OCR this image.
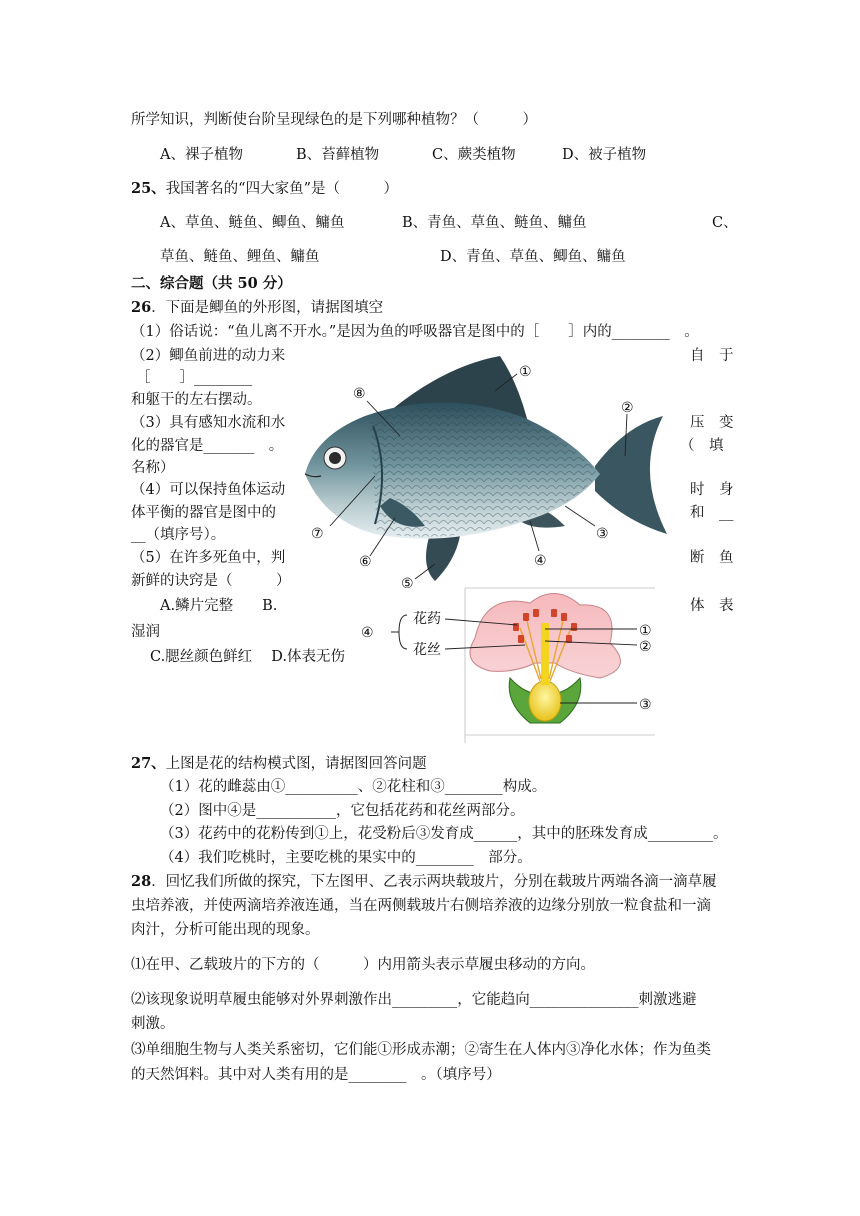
所学知识，判断使台阶呈现绿色的是下列哪种植物？（　　　）
A、裸子植物	B、苔藓植物	C、蕨类植物	D、被子植物
25、我国著名的“四大家鱼”是（　　　）
A、草鱼、鲢鱼、鲫鱼、鳙鱼	B、青鱼、草鱼、鲢鱼、鳙鱼	C、
草鱼、鲢鱼、鲤鱼、鳙鱼	D、青鱼、草鱼、鲫鱼、鳙鱼
二、综合题（共 50 分）
26．下面是鲫鱼的外形图，请据图填空
（1）俗话说：“鱼儿离不开水。”是因为鱼的呼吸器官是图中的［　　］内的________　。
（2）鲫鱼前进的动力来	自　于
［　　］________
和躯干的左右摆动。
（3）具有感知水流和水	压　变
化的器官是_______　。	（　填
名称）
（4）可以保持鱼体运动	时　身
体平衡的器官是图中的	和　__
__（填序号）。
（5）在许多死鱼中，判	断　鱼
新鲜的诀窍是（　　　）
A.鳞片完整　　B.	体　表
湿润
C.腮丝颜色鲜红　 D.体表无伤
①
②
③
④
⑤
⑥
⑦
⑧
④
花药
花丝
①
②
③
27、上图是花的结构模式图，请据图回答问题
（1）花的雌蕊由①__________、②花柱和③________构成。
（2）图中④是___________，它包括花药和花丝两部分。
（3）花药中的花粉传到①上，花受粉后③发育成______，其中的胚珠发育成_________。
（4）我们吃桃时，主要吃桃的果实中的________　部分。
28．回忆我们所做的探究，下左图甲、乙表示两块载玻片，分别在载玻片两端各滴一滴草履
虫培养液，并使两滴培养液连通，当在两侧载玻片右侧培养液的边缘分别放一粒食盐和一滴
肉汁，分析可能出现的现象。
⑴在甲、乙载玻片的下方的（　　　）内用箭头表示草履虫移动的方向。
⑵该现象说明草履虫能够对外界刺激作出_________，它能趋向_______________刺激逃避
刺激。
⑶单细胞生物与人类关系密切，它们能①形成赤潮；②寄生在人体内③净化水体；作为鱼类
的天然饵料。其中对人类有用的是________　。（填序号）
